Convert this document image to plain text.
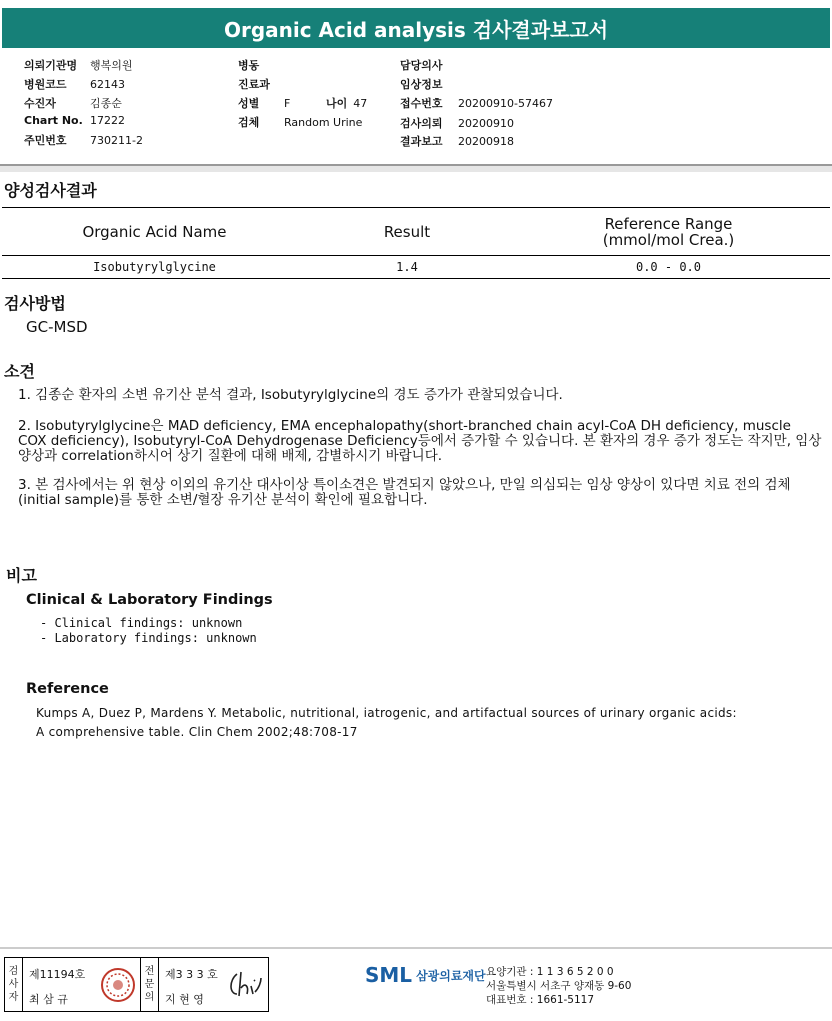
Organic Acid analysis 검사결과보고서
의뢰기관명 행복의원
병원코드 62143
수진자	김종순
Chart No. 17222
주민번호 730211-2
병동
진료과
성별 F	나이 47
검체 Random Urine
담당의사
임상정보
접수번호 20200910-57467
검사의뢰 20200910
결과보고 20200918
양성검사결과
Organic Acid Name	Result	Reference Range
(mmol/mol Crea.)
Isobutyrylglycine	1.4	0.0 - 0.0
검사방법
GC-MSD
소견
1. 김종순 환자의 소변 유기산 분석 결과, Isobutyrylglycine의 경도 증가가 관찰되었습니다.
2. Isobutyrylglycine은 MAD deficiency, EMA encephalopathy(short-branched chain acyl-CoA DH deficiency, muscle COX deficiency), Isobutyryl-CoA Dehydrogenase Deficiency등에서 증가할 수 있습니다. 본 환자의 경우 증가 정도는 작지만, 임상 양상과 correlation하시어 상기 질환에 대해 배제, 감별하시기 바랍니다.
3. 본 검사에서는 위 현상 이외의 유기산 대사이상 특이소견은 발견되지 않았으나, 만일 의심되는 임상 양상이 있다면 치료 전의 검체 (initial sample)를 통한 소변/혈장 유기산 분석이 확인에 필요합니다.
비고
Clinical & Laboratory Findings
- Clinical findings: unknown
- Laboratory findings: unknown
Reference
Kumps A, Duez P, Mardens Y. Metabolic, nutritional, iatrogenic, and artifactual sources of urinary organic acids:
A comprehensive table. Clin Chem 2002;48:708-17
검
사
자
제11194호
최 삼 규
전
문
의
제3 3 3 호
지 현 영
SML 삼광의료재단 요양기관 : 1 1 3 6 5 2 0 0
서울특별시 서초구 양재동 9-60
대표번호 : 1661-5117
